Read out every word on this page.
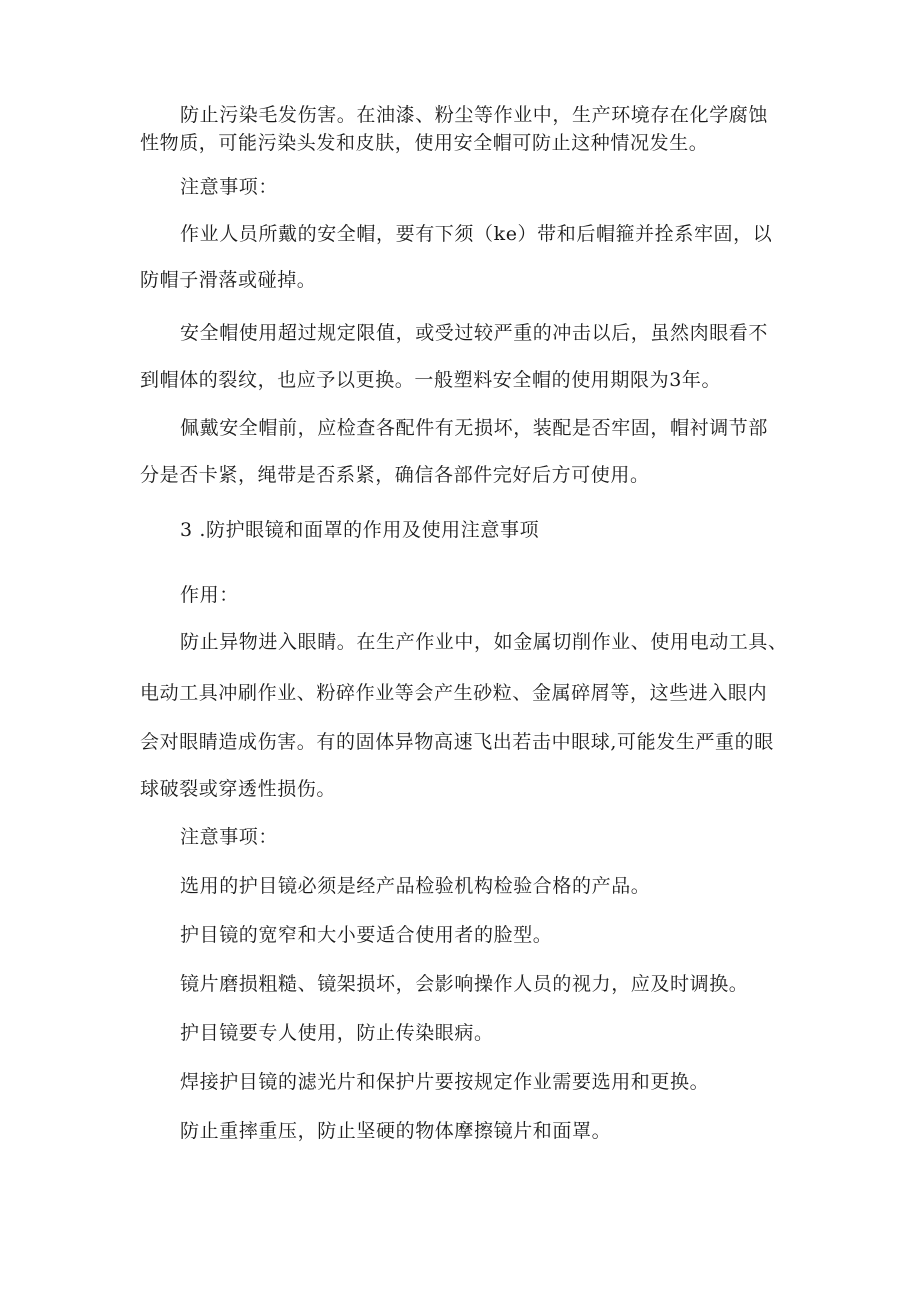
防止污染毛发伤害。在油漆、粉尘等作业中，生产环境存在化学腐蚀
性物质，可能污染头发和皮肤，使用安全帽可防止这种情况发生。
注意事项：
作业人员所戴的安全帽，要有下须（ke）带和后帽箍并拴系牢固，以
防帽子滑落或碰掉。
安全帽使用超过规定限值，或受过较严重的冲击以后，虽然肉眼看不
到帽体的裂纹，也应予以更换。一般塑料安全帽的使用期限为3年。
佩戴安全帽前，应检查各配件有无损坏，装配是否牢固，帽衬调节部
分是否卡紧，绳带是否系紧，确信各部件完好后方可使用。
3 .防护眼镜和面罩的作用及使用注意事项
作用：
防止异物进入眼睛。在生产作业中，如金属切削作业、使用电动工具、
电动工具冲刷作业、粉碎作业等会产生砂粒、金属碎屑等，这些进入眼内
会对眼睛造成伤害。有的固体异物高速飞出若击中眼球,可能发生严重的眼
球破裂或穿透性损伤。
注意事项：
选用的护目镜必须是经产品检验机构检验合格的产品。
护目镜的宽窄和大小要适合使用者的脸型。
镜片磨损粗糙、镜架损坏，会影响操作人员的视力，应及时调换。
护目镜要专人使用，防止传染眼病。
焊接护目镜的滤光片和保护片要按规定作业需要选用和更换。
防止重摔重压，防止坚硬的物体摩擦镜片和面罩。
